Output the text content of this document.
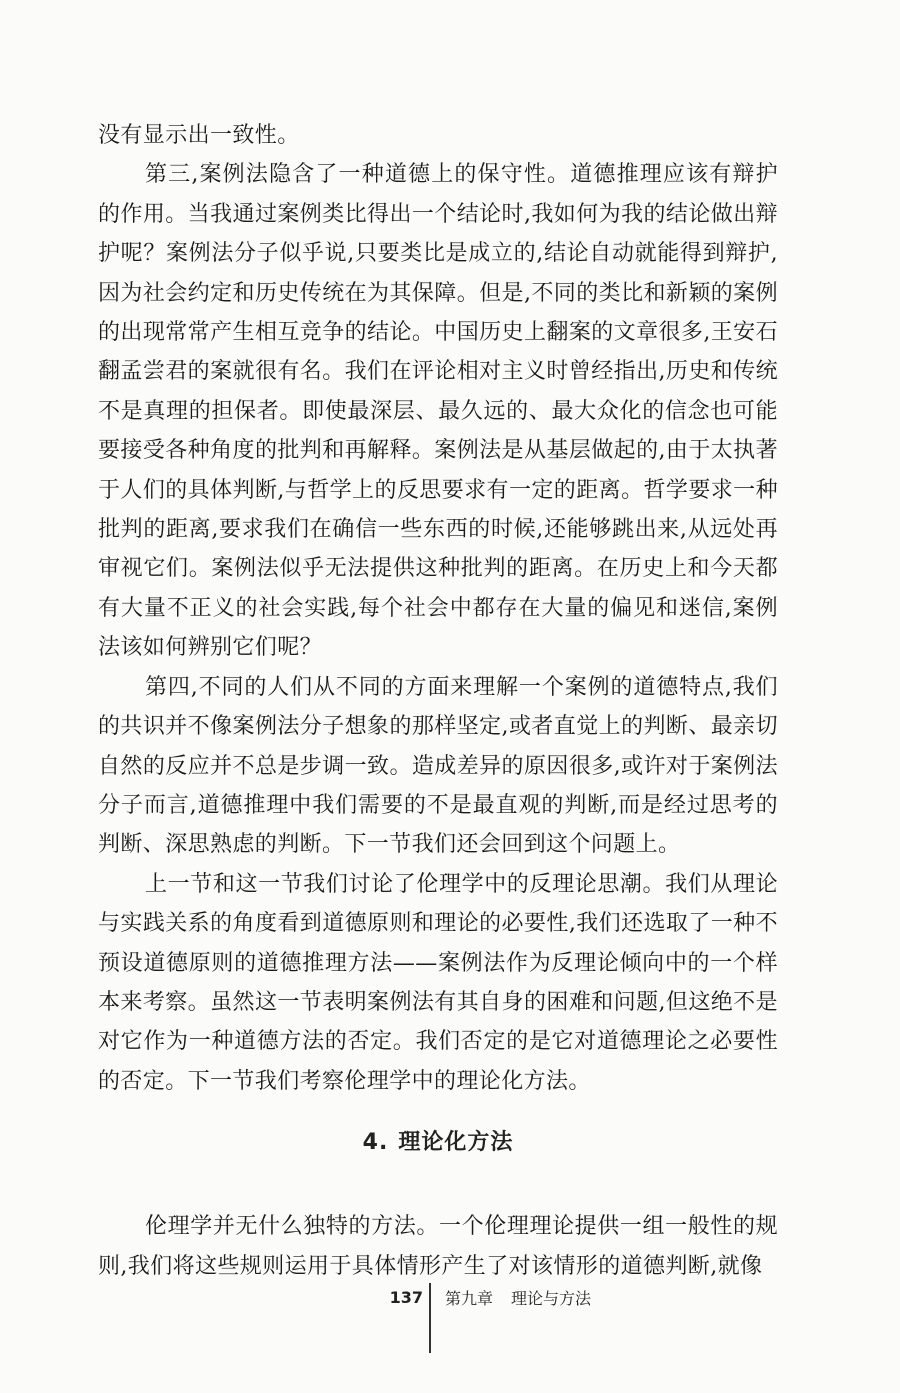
没有显示出一致性。

第三,案例法隐含了一种道德上的保守性。道德推理应该有辩护的作用。当我通过案例类比得出一个结论时,我如何为我的结论做出辩护呢？案例法分子似乎说,只要类比是成立的,结论自动就能得到辩护,因为社会约定和历史传统在为其保障。但是,不同的类比和新颖的案例的出现常常产生相互竞争的结论。中国历史上翻案的文章很多,王安石翻孟尝君的案就很有名。我们在评论相对主义时曾经指出,历史和传统不是真理的担保者。即使最深层、最久远的、最大众化的信念也可能要接受各种角度的批判和再解释。案例法是从基层做起的,由于太执著于人们的具体判断,与哲学上的反思要求有一定的距离。哲学要求一种批判的距离,要求我们在确信一些东西的时候,还能够跳出来,从远处再审视它们。案例法似乎无法提供这种批判的距离。在历史上和今天都有大量不正义的社会实践,每个社会中都存在大量的偏见和迷信,案例法该如何辨别它们呢？

第四,不同的人们从不同的方面来理解一个案例的道德特点,我们的共识并不像案例法分子想象的那样坚定,或者直觉上的判断、最亲切自然的反应并不总是步调一致。造成差异的原因很多,或许对于案例法分子而言,道德推理中我们需要的不是最直观的判断,而是经过思考的判断、深思熟虑的判断。下一节我们还会回到这个问题上。

上一节和这一节我们讨论了伦理学中的反理论思潮。我们从理论与实践关系的角度看到道德原则和理论的必要性,我们还选取了一种不预设道德原则的道德推理方法——案例法作为反理论倾向中的一个样本来考察。虽然这一节表明案例法有其自身的困难和问题,但这绝不是对它作为一种道德方法的否定。我们否定的是它对道德理论之必要性的否定。下一节我们考察伦理学中的理论化方法。

4. 理论化方法

伦理学并无什么独特的方法。一个伦理理论提供一组一般性的规则,我们将这些规则运用于具体情形产生了对该情形的道德判断,就像

137	第九章 理论与方法
